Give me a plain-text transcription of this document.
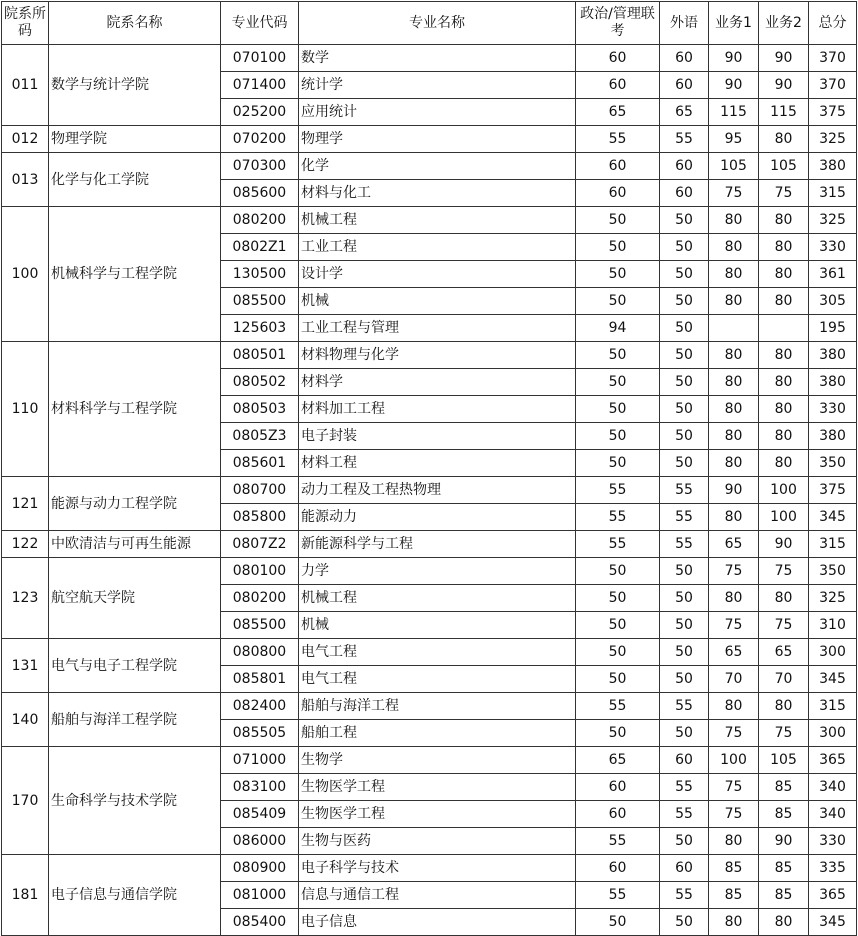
院系所码	院系名称	专业代码	专业名称	政治/管理联考	外语	业务1	业务2	总分
011	数学与统计学院	070100	数学	60	60	90	90	370
		071400	统计学	60	60	90	90	370
		025200	应用统计	65	65	115	115	375
012	物理学院	070200	物理学	55	55	95	80	325
013	化学与化工学院	070300	化学	60	60	105	105	380
		085600	材料与化工	60	60	75	75	315
100	机械科学与工程学院	080200	机械工程	50	50	80	80	325
		0802Z1	工业工程	50	50	80	80	330
		130500	设计学	50	50	80	80	361
		085500	机械	50	50	80	80	305
		125603	工业工程与管理	94	50			195
110	材料科学与工程学院	080501	材料物理与化学	50	50	80	80	380
		080502	材料学	50	50	80	80	380
		080503	材料加工工程	50	50	80	80	330
		0805Z3	电子封装	50	50	80	80	380
		085601	材料工程	50	50	80	80	350
121	能源与动力工程学院	080700	动力工程及工程热物理	55	55	90	100	375
		085800	能源动力	55	55	80	100	345
122	中欧清洁与可再生能源	0807Z2	新能源科学与工程	55	55	65	90	315
123	航空航天学院	080100	力学	50	50	75	75	350
		080200	机械工程	50	50	80	80	325
		085500	机械	50	50	75	75	310
131	电气与电子工程学院	080800	电气工程	50	50	65	65	300
		085801	电气工程	50	50	70	70	345
140	船舶与海洋工程学院	082400	船舶与海洋工程	55	55	80	80	315
		085505	船舶工程	50	50	75	75	300
170	生命科学与技术学院	071000	生物学	65	60	100	105	365
		083100	生物医学工程	60	55	75	85	340
		085409	生物医学工程	60	55	75	85	340
		086000	生物与医药	55	50	80	90	330
181	电子信息与通信学院	080900	电子科学与技术	60	60	85	85	335
		081000	信息与通信工程	55	55	85	85	365
		085400	电子信息	50	50	80	80	345
